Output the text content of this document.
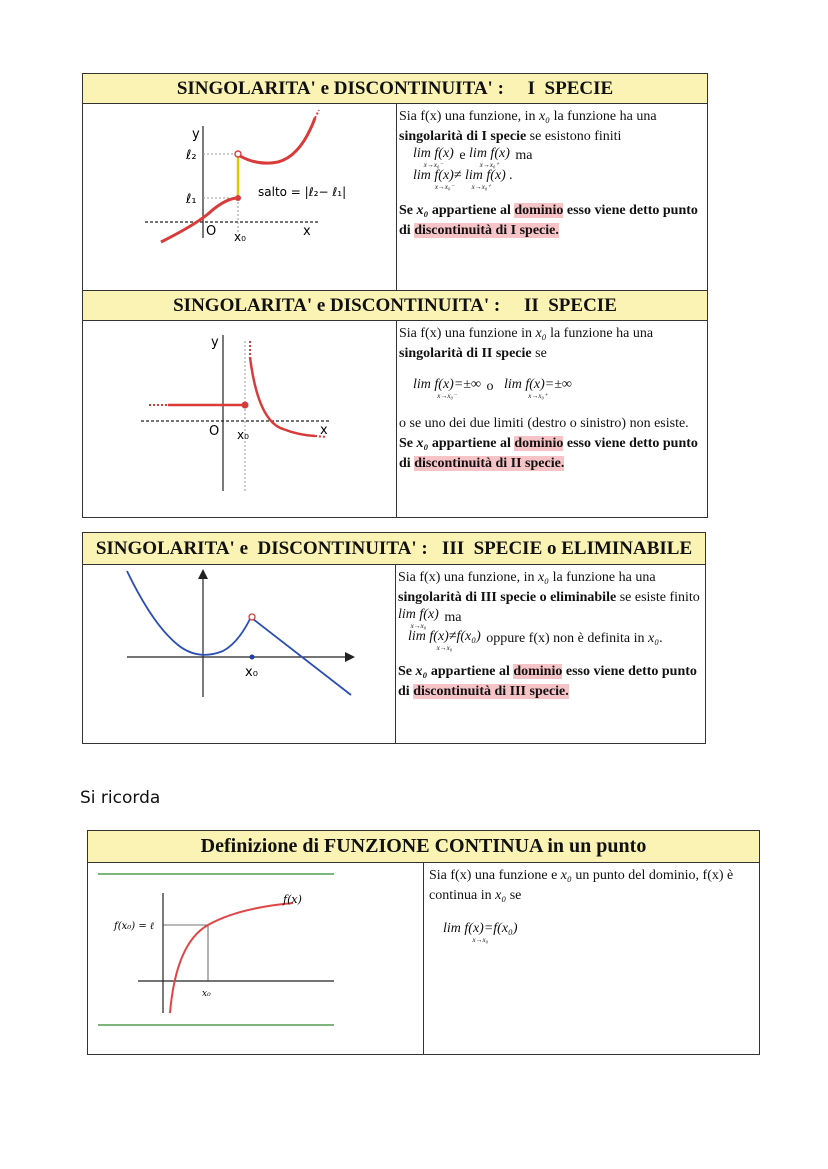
SINGOLARITA' e DISCONTINUITA' :     I  SPECIE
y
ℓ₂
ℓ₁
O x₀	x
salto = |ℓ₂− ℓ₁|

Sia f(x) una funzione, in x₀ la funzione ha una singolarità di I specie se esistono finiti

lim f(x)
x→x₀⁻
e lim f(x)
x→x₀⁺
ma

lim f(x)≠ lim f(x) .
x→x₀⁻          x→x₀⁺

Se x₀ appartiene al dominio esso viene detto punto di discontinuità di I specie.

SINGOLARITA' e DISCONTINUITA' :     II  SPECIE
y
O x₀	x

Sia f(x) una funzione in x₀ la funzione ha una singolarità di II specie se

lim f(x)=±∞
x→x₀⁻
o lim f(x)=±∞
x→x₀⁺

o se uno dei due limiti (destro o sinistro) non esiste.

Se x₀ appartiene al dominio esso viene detto punto di discontinuità di II specie.

SINGOLARITA' e  DISCONTINUITA' :   III  SPECIE o ELIMINABILE
x₀

Sia f(x) una funzione, in x₀ la funzione ha una singolarità di III specie o eliminabile se esiste finito lim f(x)
x→x₀
ma

lim f(x)≠f(x₀)
x→x₀
oppure f(x) non è definita in x₀.

Se x₀ appartiene al dominio esso viene detto punto di discontinuità di III specie.

Si ricorda
Definizione di FUNZIONE CONTINUA in un punto
f(x)
f(x₀) = ℓ
x₀

Sia f(x) una funzione e x₀ un punto del dominio, f(x) è continua in x₀ se

lim f(x)=f(x₀)
x→x₀
